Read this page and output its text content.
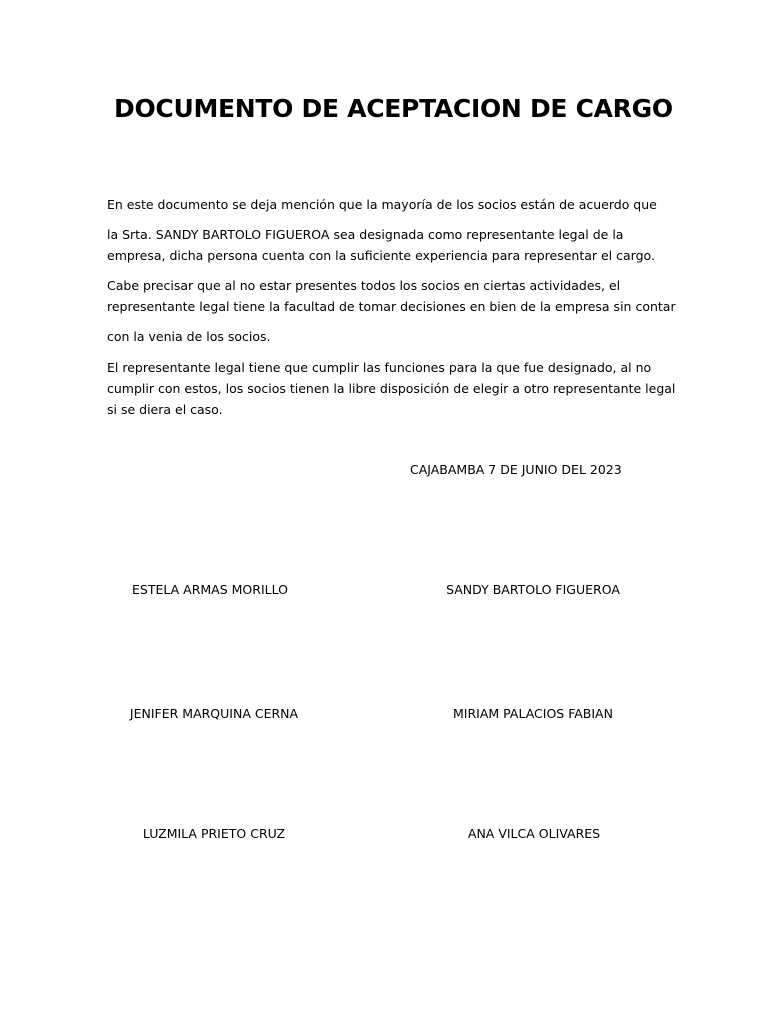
DOCUMENTO DE ACEPTACION DE CARGO

En este documento se deja mención que la mayoría de los socios están de acuerdo que

la Srta. SANDY BARTOLO FIGUEROA sea designada como representante legal de la

empresa, dicha persona cuenta con la suficiente experiencia para representar el cargo.

Cabe precisar que al no estar presentes todos los socios en ciertas actividades, el

representante legal tiene la facultad de tomar decisiones en bien de la empresa sin contar

con la venia de los socios.

El representante legal tiene que cumplir las funciones para la que fue designado, al no

cumplir con estos, los socios tienen la libre disposición de elegir a otro representante legal

si se diera el caso.

CAJABAMBA 7 DE JUNIO DEL 2023

ESTELA ARMAS MORILLO	SANDY BARTOLO FIGUEROA

JENIFER MARQUINA CERNA	MIRIAM PALACIOS FABIAN

LUZMILA PRIETO CRUZ	ANA VILCA OLIVARES
